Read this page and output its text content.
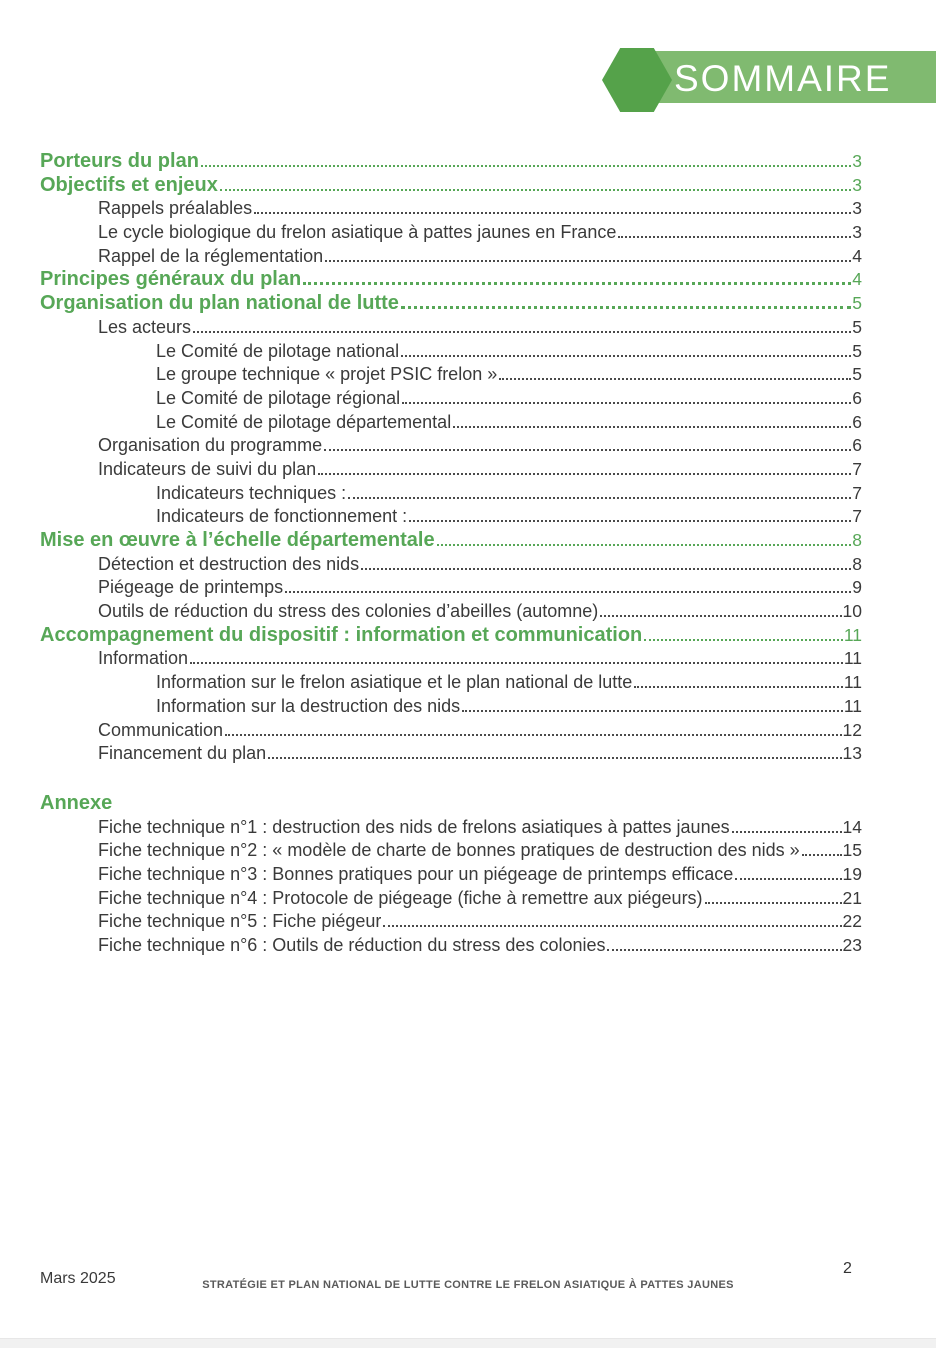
SOMMAIRE
Porteurs du plan	3
Objectifs et enjeux	3
Rappels préalables	3
Le cycle biologique du frelon asiatique à pattes jaunes en France	3
Rappel de la réglementation	4
Principes généraux du plan	4
Organisation du plan national de lutte	5
Les acteurs	5
Le Comité de pilotage national	5
Le groupe technique « projet PSIC frelon »	5
Le Comité de pilotage régional	6
Le Comité de pilotage départemental	6
Organisation du programme	6
Indicateurs de suivi du plan	7
Indicateurs techniques :	7
Indicateurs de fonctionnement :	7
Mise en œuvre à l’échelle départementale	8
Détection et destruction des nids	8
Piégeage de printemps	9
Outils de réduction du stress des colonies d’abeilles (automne)	10
Accompagnement du dispositif : information et communication	11
Information	11
Information sur le frelon asiatique et le plan national de lutte	11
Information sur la destruction des nids	11
Communication	12
Financement du plan	13
Annexe
Fiche technique n°1 : destruction des nids de frelons asiatiques à pattes jaunes	14
Fiche technique n°2 : « modèle de charte de bonnes pratiques de destruction des nids » 15
Fiche technique n°3 : Bonnes pratiques pour un piégeage de printemps efficace	19
Fiche technique n°4 : Protocole de piégeage (fiche à remettre aux piégeurs)	21
Fiche technique n°5 : Fiche piégeur	22
Fiche technique n°6 : Outils de réduction du stress des colonies	23
Mars 2025	STRATÉGIE ET PLAN NATIONAL DE LUTTE CONTRE LE FRELON ASIATIQUE À PATTES JAUNES
2
